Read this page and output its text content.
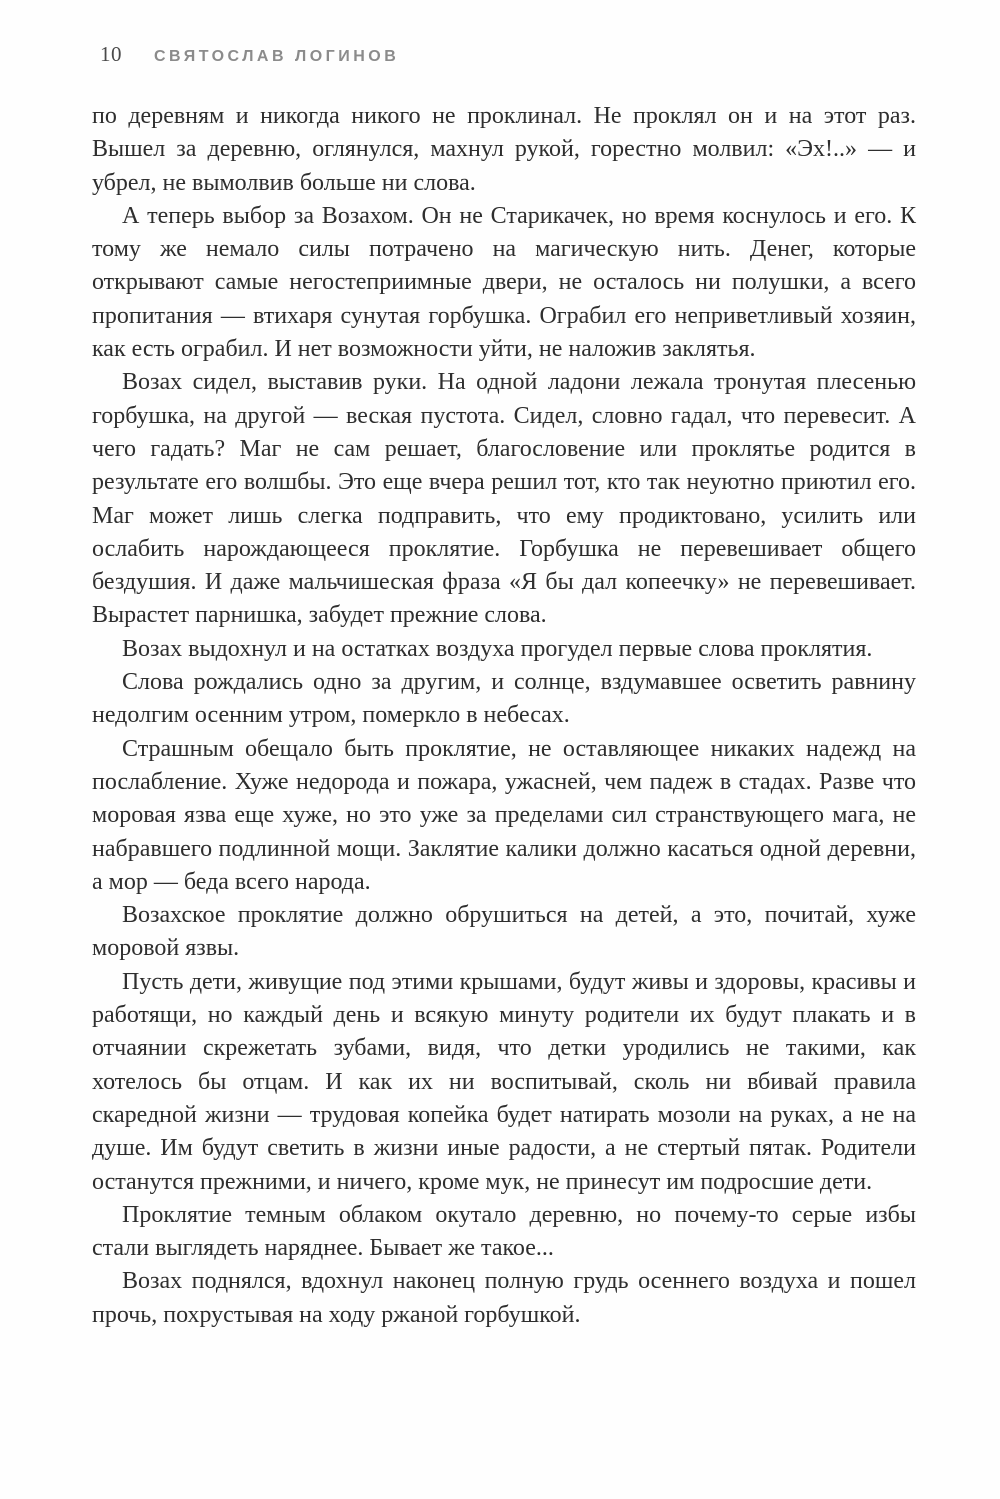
10 СВЯТОСЛАВ ЛОГИНОВ

по деревням и никогда никого не проклинал. Не проклял он и на этот раз. Вышел за деревню, оглянулся, махнул рукой, горестно молвил: «Эх!..» — и убрел, не вымолвив больше ни слова.

А теперь выбор за Возахом. Он не Старикачек, но время коснулось и его. К тому же немало силы потрачено на магическую нить. Денег, которые открывают самые негостеприимные двери, не осталось ни полушки, а всего пропитания — втихаря сунутая горбушка. Ограбил его неприветливый хозяин, как есть ограбил. И нет возможности уйти, не наложив заклятья.

Возах сидел, выставив руки. На одной ладони лежала тронутая плесенью горбушка, на другой — веская пустота. Сидел, словно гадал, что перевесит. А чего гадать? Маг не сам решает, благословение или проклятье родится в результате его волшбы. Это еще вчера решил тот, кто так неуютно приютил его. Маг может лишь слегка подправить, что ему продиктовано, усилить или ослабить нарождающееся проклятие. Горбушка не перевешивает общего бездушия. И даже мальчишеская фраза «Я бы дал копеечку» не перевешивает. Вырастет парнишка, забудет прежние слова.

Возах выдохнул и на остатках воздуха прогудел первые слова проклятия.

Слова рождались одно за другим, и солнце, вздумавшее осветить равнину недолгим осенним утром, померкло в небесах.

Страшным обещало быть проклятие, не оставляющее никаких надежд на послабление. Хуже недорода и пожара, ужасней, чем падеж в стадах. Разве что моровая язва еще хуже, но это уже за пределами сил странствующего мага, не набравшего подлинной мощи. Заклятие калики должно касаться одной деревни, а мор — беда всего народа.

Возахское проклятие должно обрушиться на детей, а это, почитай, хуже моровой язвы.

Пусть дети, живущие под этими крышами, будут живы и здоровы, красивы и работящи, но каждый день и всякую минуту родители их будут плакать и в отчаянии скрежетать зубами, видя, что детки уродились не такими, как хотелось бы отцам. И как их ни воспитывай, сколь ни вбивай правила скаредной жизни — трудовая копейка будет натирать мозоли на руках, а не на душе. Им будут светить в жизни иные радости, а не стертый пятак. Родители останутся прежними, и ничего, кроме мук, не принесут им подросшие дети.

Проклятие темным облаком окутало деревню, но почему-то серые избы стали выглядеть наряднее. Бывает же такое...

Возах поднялся, вдохнул наконец полную грудь осеннего воздуха и пошел прочь, похрустывая на ходу ржаной горбушкой.
